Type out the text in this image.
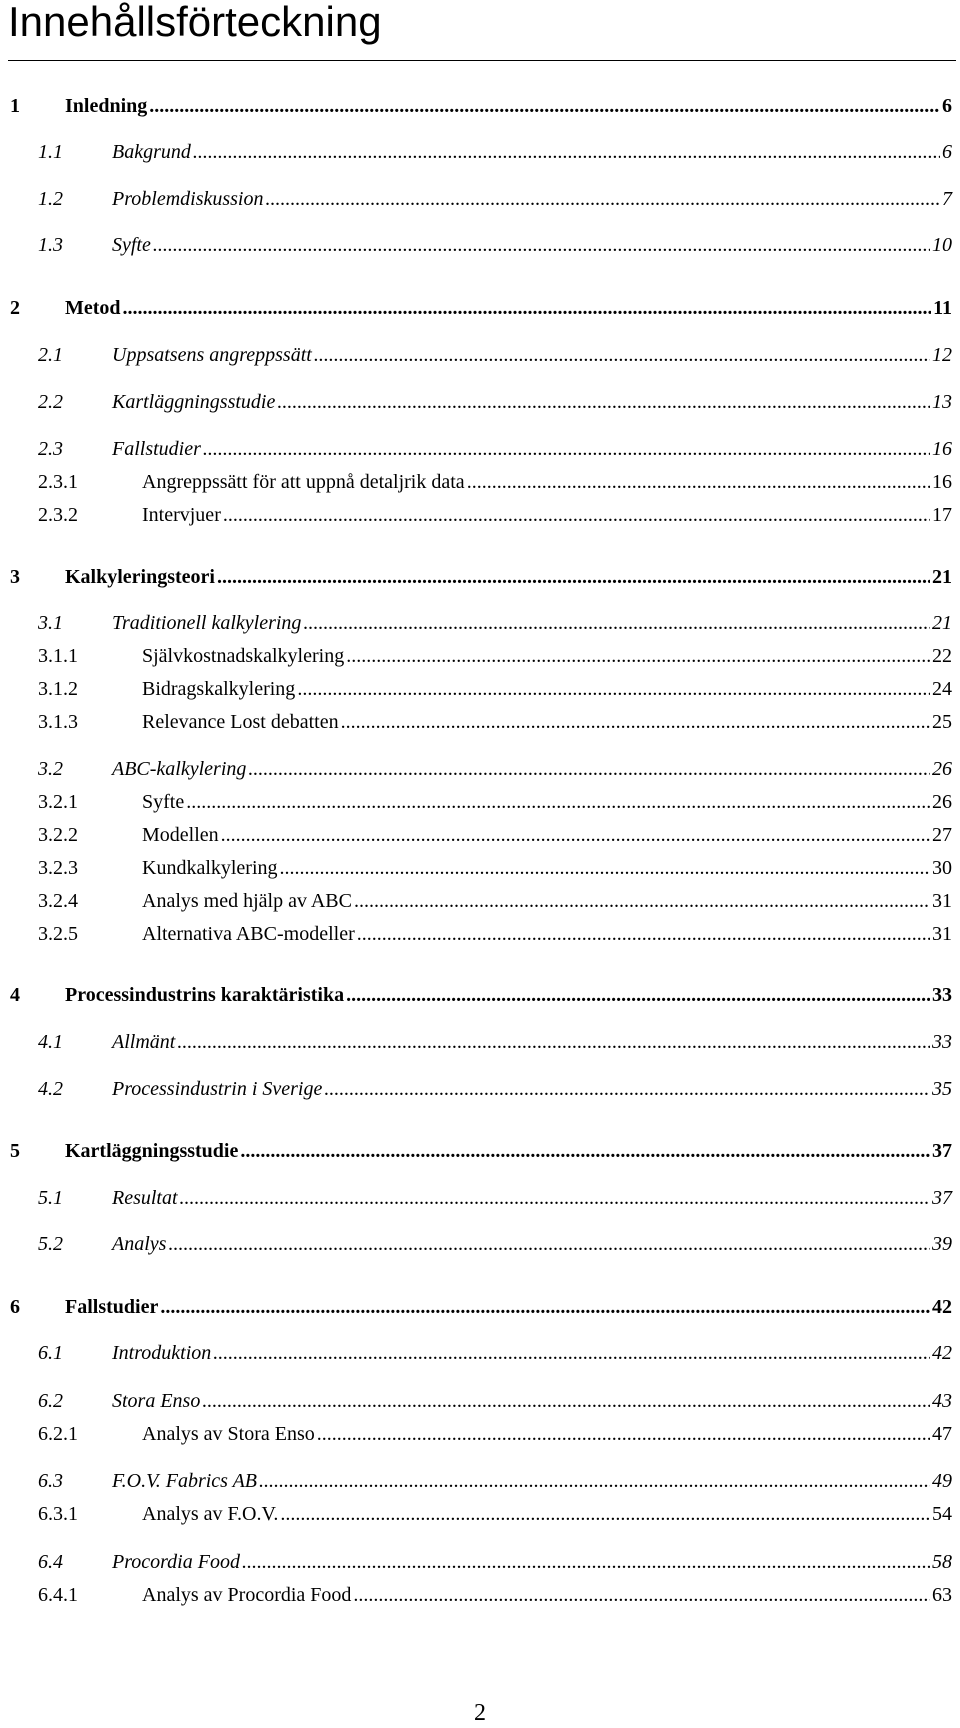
Innehållsförteckning
1	Inledning . . .	6
1.1	Bakgrund . . .	6
1.2	Problemdiskussion . . .	7
1.3	Syfte . . .	10
2	Metod . . .	11
2.1	Uppsatsens angreppssätt . . .	12
2.2	Kartläggningsstudie . . .	13
2.3	Fallstudier . . .	16
2.3.1	Angreppssätt för att uppnå detaljrik data . . .	16
2.3.2	Intervjuer . . .	17
3	Kalkyleringsteori . . .	21
3.1	Traditionell kalkylering . . .	21
3.1.1	Självkostnadskalkylering . . .	22
3.1.2	Bidragskalkylering . . .	24
3.1.3	Relevance Lost debatten . . .	25
3.2	ABC-kalkylering . . .	26
3.2.1	Syfte . . .	26
3.2.2	Modellen . . .	27
3.2.3	Kundkalkylering . . .	30
3.2.4	Analys med hjälp av ABC . . .	31
3.2.5	Alternativa ABC-modeller . . .	31
4	Processindustrins karaktäristika . . .	33
4.1	Allmänt . . .	33
4.2	Processindustrin i Sverige . . .	35
5	Kartläggningsstudie . . .	37
5.1	Resultat . . .	37
5.2	Analys . . .	39
6	Fallstudier . . .	42
6.1	Introduktion . . .	42
6.2	Stora Enso . . .	43
6.2.1	Analys av Stora Enso . . .	47
6.3	F.O.V. Fabrics AB . . .	49
6.3.1	Analys av F.O.V. . . .	54
6.4	Procordia Food . . .	58
6.4.1	Analys av Procordia Food . . .	63
2
